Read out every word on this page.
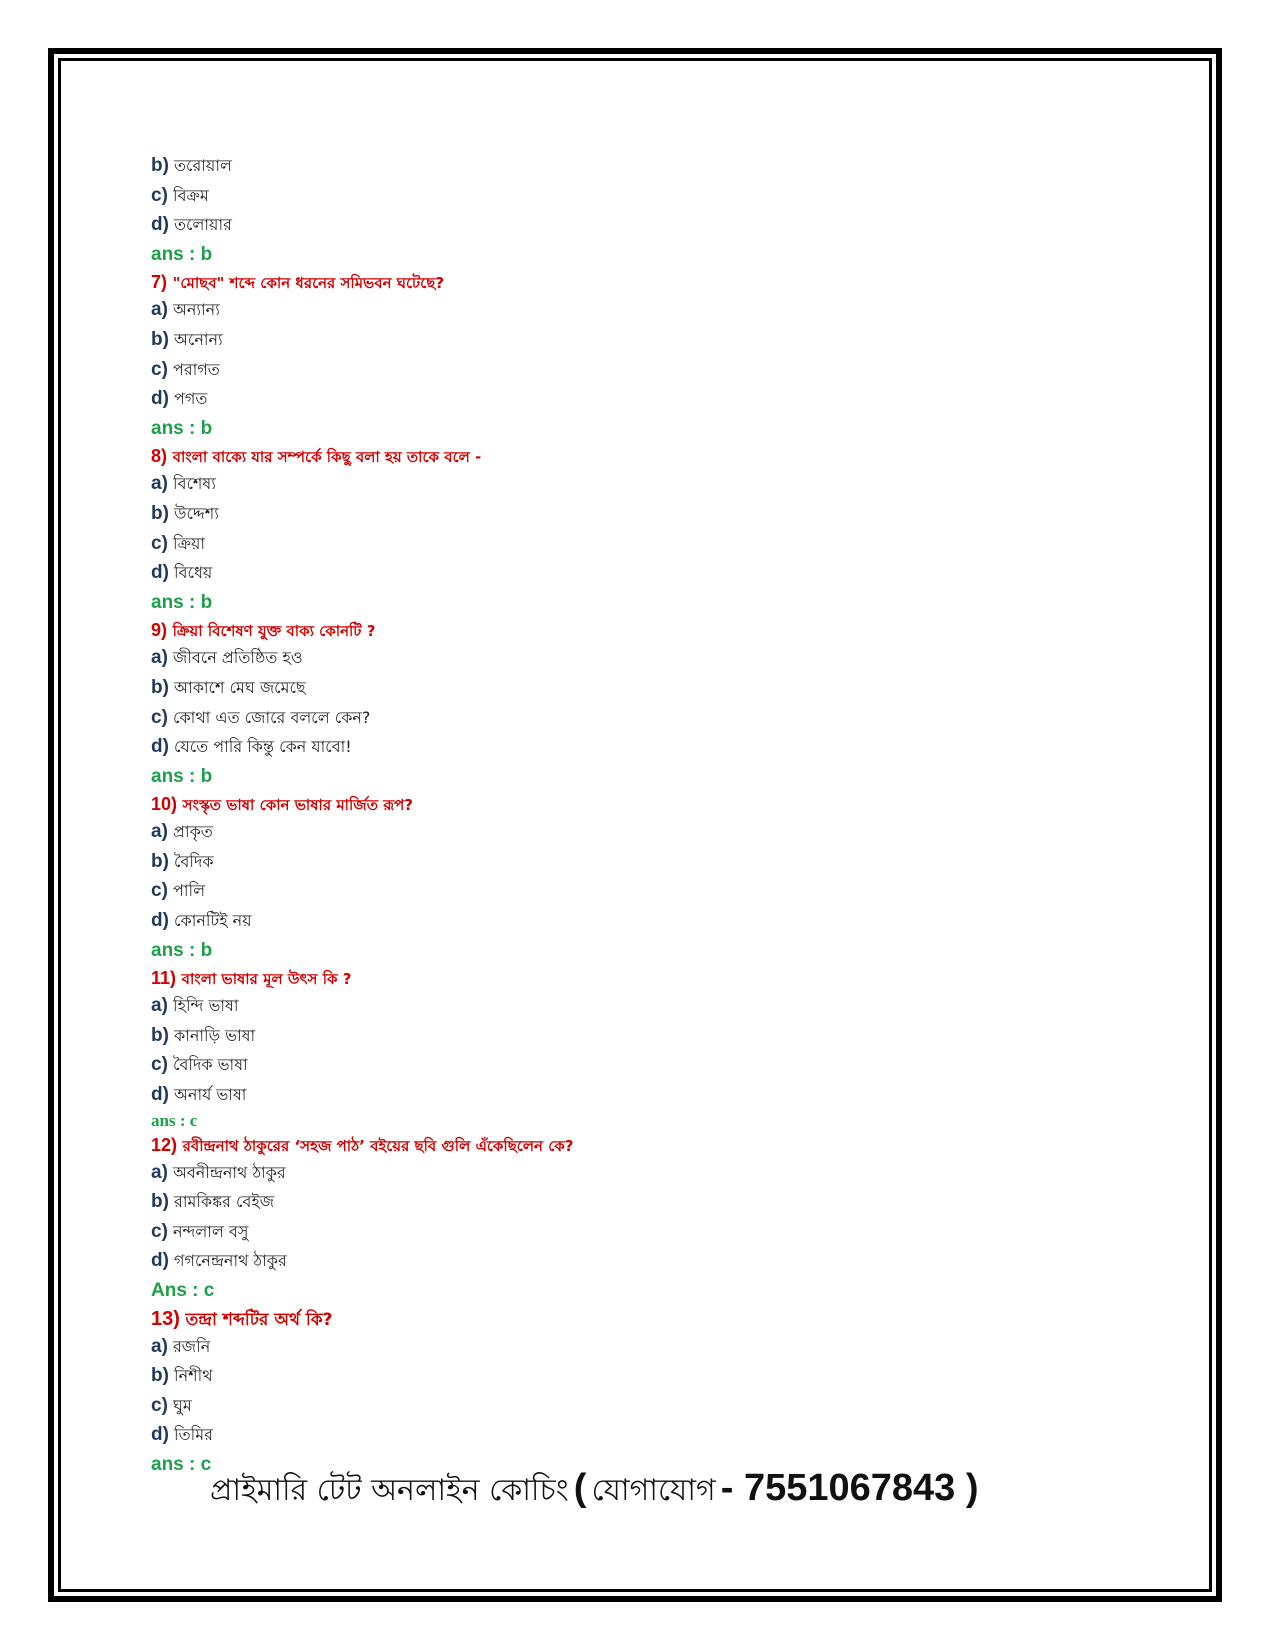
b) তরোয়াল
c) বিক্রম
d) তলোয়ার
ans : b
7) "মোছব" শব্দে কোন ধরনের সমিভবন ঘটেছে?
a) অন্যান্য
b) অনোন্য
c) পরাগত
d) পগত
ans : b
8) বাংলা বাক্যে যার সম্পর্কে কিছু বলা হয় তাকে বলে -
a) বিশেষ্য
b) উদ্দেশ্য
c) ক্রিয়া
d) বিধেয়
ans : b
9) ক্রিয়া বিশেষণ যুক্ত বাক্য কোনটি ?
a) জীবনে প্রতিষ্ঠিত হও
b) আকাশে মেঘ জমেছে
c) কোথা এত জোরে বললে কেন?
d) যেতে পারি কিন্তু কেন যাবো!
ans : b
10) সংস্কৃত ভাষা কোন ভাষার মার্জিত রূপ?
a) প্রাকৃত
b) বৈদিক
c) পালি
d) কোনটিই নয়
ans : b
11) বাংলা ভাষার মূল উৎস কি ?
a) হিন্দি ভাষা
b) কানাড়ি ভাষা
c) বৈদিক ভাষা
d) অনার্য ভাষা
ans : c
12) রবীন্দ্রনাথ ঠাকুরের ‘সহজ পাঠ’ বইয়ের ছবি গুলি এঁকেছিলেন কে?
a) অবনীন্দ্রনাথ ঠাকুর
b) রামকিঙ্কর বেইজ
c) নন্দলাল বসু
d) গগনেন্দ্রনাথ ঠাকুর
Ans : c
13) তন্দ্রা শব্দটির অর্থ কি?
a) রজনি
b) নিশীথ
c) ঘুম
d) তিমির
ans : c
প্রাইমারি টেট অনলাইন কোচিং ( যোগাযোগ - 7551067843 )
